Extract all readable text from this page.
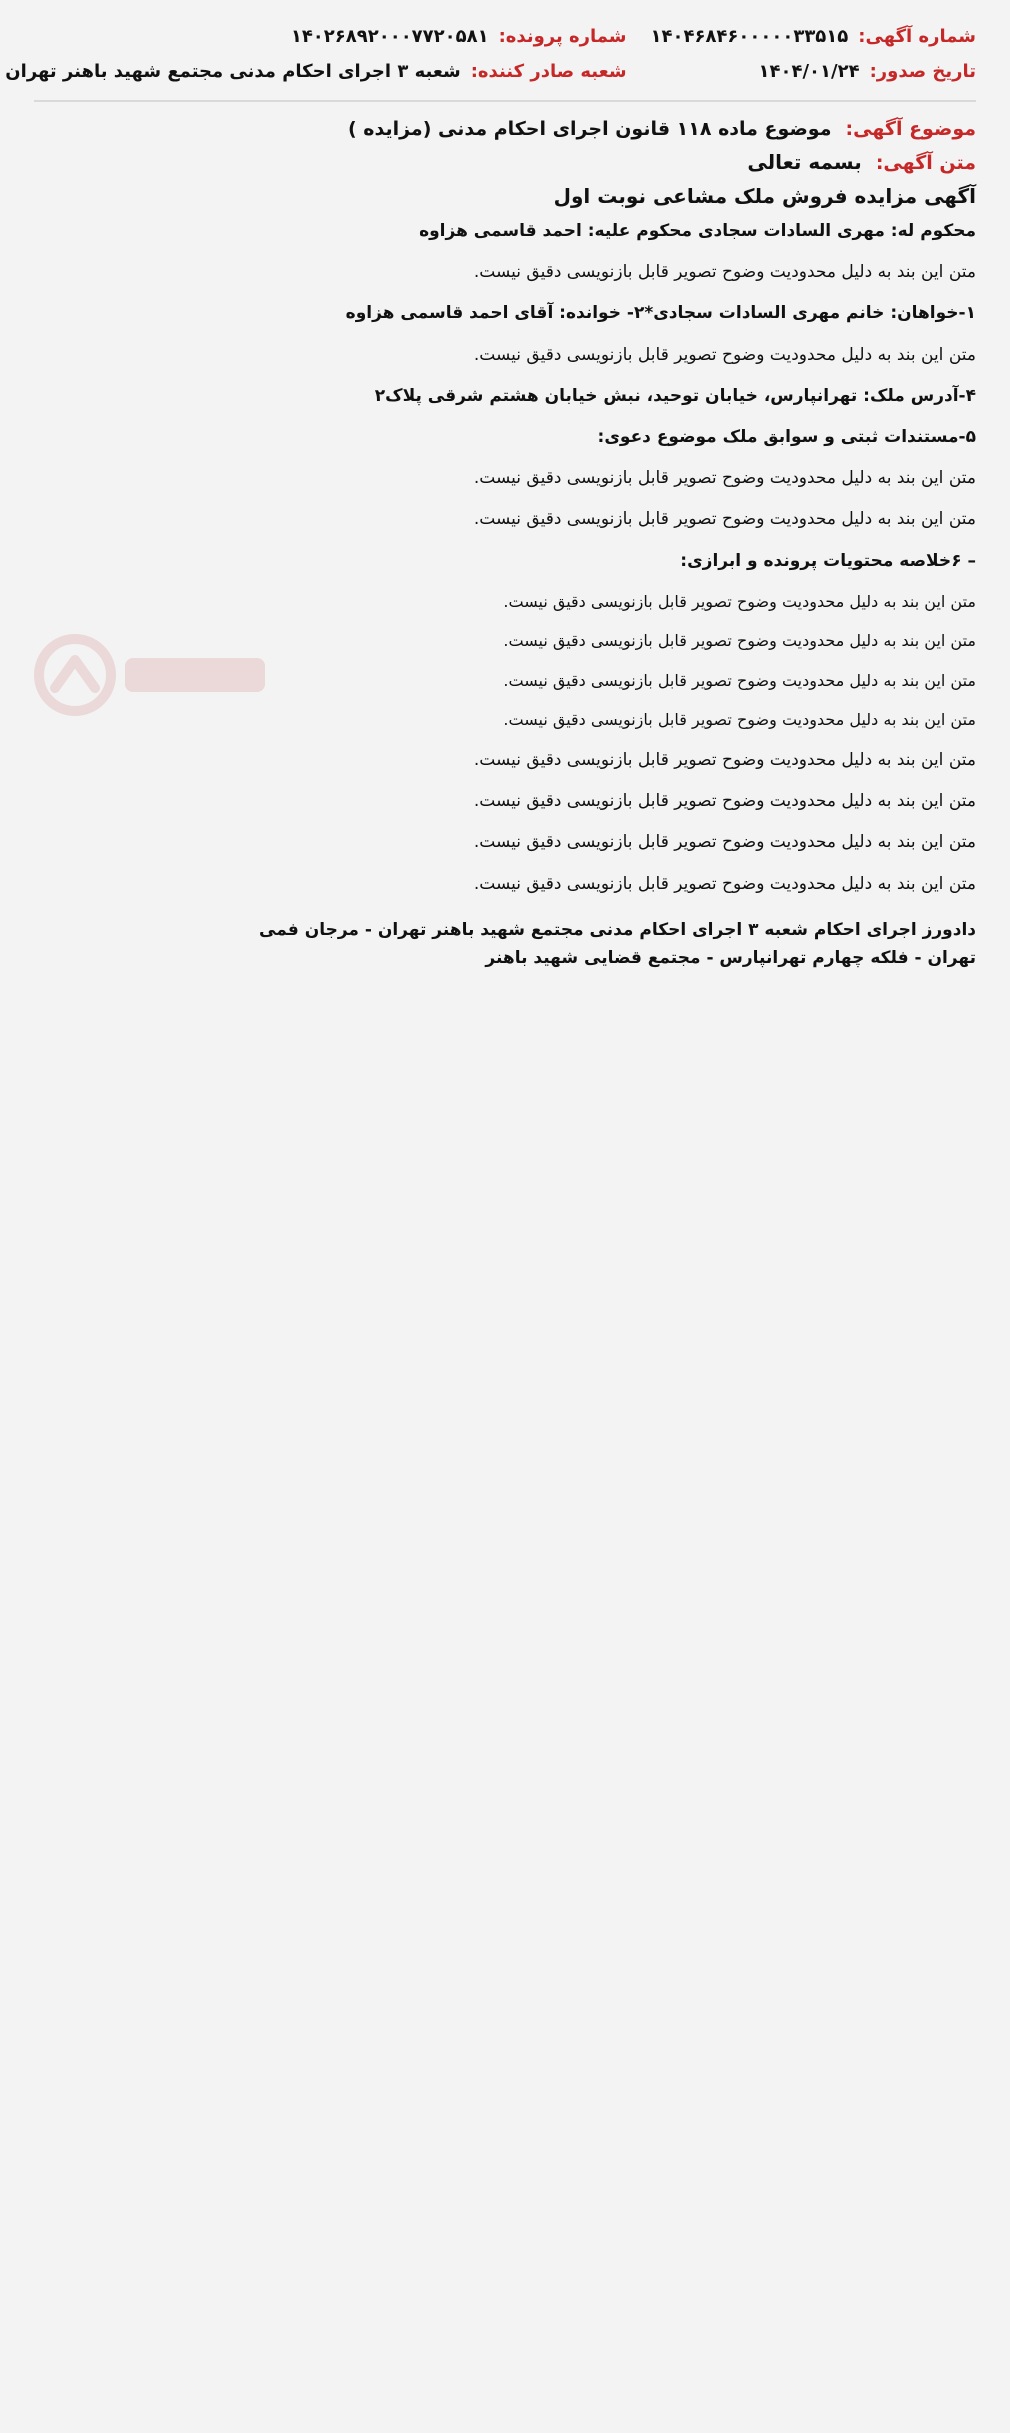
شماره آگهی:
۱۴۰۴۶۸۴۶۰۰۰۰۰۳۳۵۱۵
شماره پرونده:
۱۴۰۲۶۸۹۲۰۰۰۷۷۲۰۵۸۱
تاریخ صدور:
۱۴۰۴/۰۱/۲۴
شعبه صادر کننده:
شعبه ۳ اجرای احکام مدنی مجتمع شهید باهنر تهران
موضوع آگهی: موضوع ماده ۱۱۸ قانون اجرای احکام مدنی (مزایده )
متن آگهی: بسمه تعالی
آگهی مزایده فروش ملک مشاعی نوبت اول

محکوم له: مهری السادات سجادی محکوم علیه: احمد قاسمی هزاوه

متن این بند به دلیل محدودیت وضوح تصویر قابل بازنویسی دقیق نیست.

۱-خواهان: خانم مهری السادات سجادی*۲- خوانده: آقای احمد قاسمی هزاوه

متن این بند به دلیل محدودیت وضوح تصویر قابل بازنویسی دقیق نیست.

۴-آدرس ملک: تهرانپارس، خیابان توحید، نبش خیابان هشتم شرقی پلاک۲

۵-مستندات ثبتی و سوابق ملک موضوع دعوی:

متن این بند به دلیل محدودیت وضوح تصویر قابل بازنویسی دقیق نیست.

متن این بند به دلیل محدودیت وضوح تصویر قابل بازنویسی دقیق نیست.

– ۶خلاصه محتویات پرونده و ابرازی:

متن این بند به دلیل محدودیت وضوح تصویر قابل بازنویسی دقیق نیست.

متن این بند به دلیل محدودیت وضوح تصویر قابل بازنویسی دقیق نیست.

متن این بند به دلیل محدودیت وضوح تصویر قابل بازنویسی دقیق نیست.

متن این بند به دلیل محدودیت وضوح تصویر قابل بازنویسی دقیق نیست.

متن این بند به دلیل محدودیت وضوح تصویر قابل بازنویسی دقیق نیست.

متن این بند به دلیل محدودیت وضوح تصویر قابل بازنویسی دقیق نیست.

متن این بند به دلیل محدودیت وضوح تصویر قابل بازنویسی دقیق نیست.

متن این بند به دلیل محدودیت وضوح تصویر قابل بازنویسی دقیق نیست.

دادورز اجرای احکام شعبه ۳ اجرای احکام مدنی مجتمع شهید باهنر تهران - مرجان فمی
تهران - فلکه چهارم تهرانپارس - مجتمع قضایی شهید باهنر
